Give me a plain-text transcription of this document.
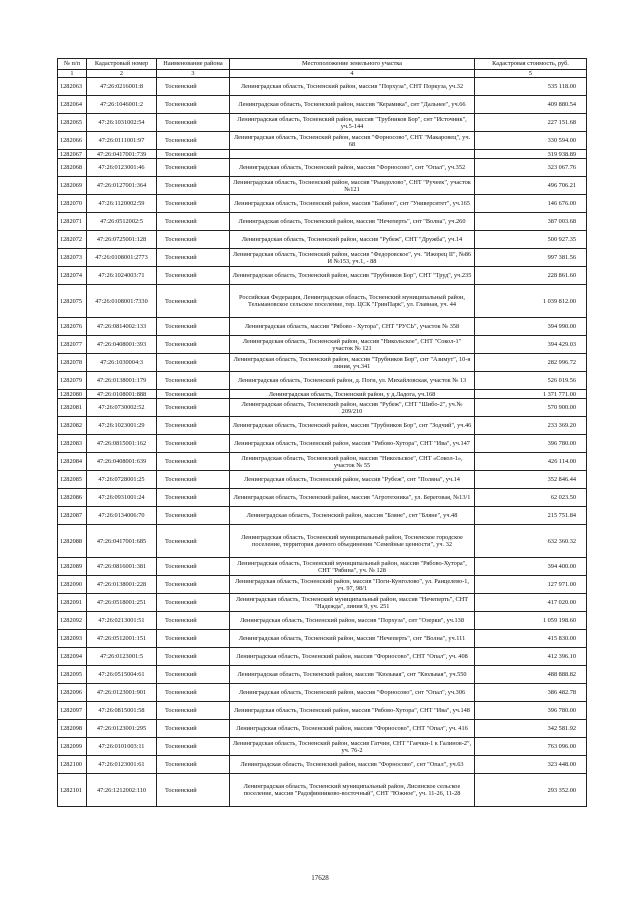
№ п/п	Кадастровый номер	Наименование района	Местоположение земельного участка	Кадастровая стоимость, руб.
1	2	3	4	5
1282063	47:26:0216001:8	Тосненский	Ленинградская область, Тосненский район, массив "Порхуза", СНТ Поркуза, уч.32	535 118.00
1282064	47:26:1046001:2	Тосненский	Ленинградская область, Тосненский район, массив "Керамика", снт "Дальнее", уч.66	409 880.54
1282065	47:26:1031002:54	Тосненский	Ленинградская область, Тосненский район, массив "Трубников Бор", снт "Источник", уч.5-144	227 151.68
1282066	47:26:0111001:97	Тосненский	Ленинградская область, Тосненский район, массив "Форносово", СНТ "Макаровец", уч. 68	330 594.00
1282067	47:26:0417001:739	Тосненский		319 938.89
1282068	47:26:0123001:46	Тосненский	Ленинградская область, Тосненский район, массив "Форносово", снт "Опал", уч.352	323 067.76
1282069	47:26:0127001:364	Тосненский	Ленинградская область, Тосненский район, массив "Рындолово", СНТ "Ручеек", участок №121	496 706.21
1282070	47:26:1120002:59	Тосненский	Ленинградская область, Тосненский район, массив "Бабино", снт "Университет", уч.165	146 676.00
1282071	47:26:0512002:5	Тосненский	Ленинградская область, Тосненский район, массив "Нечеперть", снт "Волна", уч.260	387 003.68
1282072	47:26:0725001:128	Тосненский	Ленинградская область, Тосненский район, массив "Рубеж", СНТ "Дружба", уч.14	500 927.35
1282073	47:26:0108001:2773	Тосненский	Ленинградская область, Тосненский район, массив "Федоровское", уч. "Ижорец II", №86 И №153, уч.1, - 88	997 381.56
1282074	47:26:1024003:71	Тосненский	Ленинградская область, Тосненский район, массив "Трубников Бор", СНТ "Труд", уч.235	228 861.60
1282075	47:26:0108001:7330	Тосненский	Российская Федерация, Ленинградская область, Тосненский муниципальный район, Тельмановское сельское поселение, тер. ЦСК "ГринПарк", ул. Главная, уч. 44	1 039 812.00
1282076	47:26:0814002:133	Тосненский	Ленинградская область, массив "Рябово - Хутора", СНТ "РУСЬ", участок № 358	394 990.00
1282077	47:26:0408001:393	Тосненский	Ленинградская область, Тосненский район, массив "Никольское", СНТ "Сокол-1" участок № 121	394 429.03
1282078	47:26:1030004:3	Тосненский	Ленинградская область, Тосненский район, массив "Трубников Бор", снт "Азимут", 10-я линия, уч.341	282 996.72
1282079	47:26:0138001:179	Тосненский	Ленинградская область, Тосненский район, д. Поги, ул. Михайловская, участок № 13	526 019.56
1282080	47:26:0108001:888	Тосненский	Ленинградская область, Тосненский район, у д.Ладога, уч.168	1 371 771.00
1282081	47:26:0730002:52	Тосненский	Ленинградская область, Тосненский район, массив "Рубеж", СНТ "Шибо-2", уч.№ 209/210	570 900.00
1282082	47:26:1023001:29	Тосненский	Ленинградская область, Тосненский район, массив "Трубников Бор", снт "Зодчий", уч.46	233 369.20
1282083	47:26:0815001:162	Тосненский	Ленинградская область, Тосненский район, массив "Рябово-Хутора", СНТ "Ива", уч.147	396 780.00
1282084	47:26:0408001:639	Тосненский	Ленинградская область, Тосненский район, массив "Никольское", СНТ «Сокол-1», участок № 55	426 114.00
1282085	47:26:0728001:25	Тосненский	Ленинградская область, Тосненский район, массив "Рубеж", снт "Поляна", уч.14	352 846.44
1282086	47:26:0931001:24	Тосненский	Ленинградская область, Тосненский район, массив "Агротехника", ул. Береговая, №13/1	62 023.50
1282087	47:26:0134006:70	Тосненский	Ленинградская область, Тосненский район, массив "Бляне", снт "Бляне", уч.48	215 751.84
1282088	47:26:0417001:685	Тосненский	Ленинградская область, Тосненский муниципальный район, Тосненское городское поселение, территория дачного объединения "Семейные ценности", уч. 32	632 360.32
1282089	47:26:0816001:381	Тосненский	Ленинградская область, Тосненский муниципальный район, массив "Рябово-Хутора", СНТ "Рябина", уч. № 128	394 400.00
1282090	47:26:0138001:228	Тосненский	Ленинградская область, Тосненский район, массив "Поги-Кунголово", ул. Раицелево-1, уч. 97, 98/1	127 971.00
1282091	47:26:0518001:251	Тосненский	Ленинградская область, Тосненский муниципальный район, массив "Нечеперть", СНТ "Надежда", линия 9, уч. 251	417 020.00
1282092	47:26:0213001:51	Тосненский	Ленинградская область, Тосненский район, массив "Порхуза", снт "Озерки", уч.138	1 059 198.60
1282093	47:26:0512001:151	Тосненский	Ленинградская область, Тосненский район, массив "Нечеперть", снт "Волна", уч.111	415 830.00
1282094	47:26:0123001:5	Тосненский	Ленинградская область, Тосненский район, массив "Форносово", СНТ "Опал", уч. 408	412 396.10
1282095	47:26:0515004:61	Тосненский	Ленинградская область, Тосненский район, массив "Кюльвая", снт "Кюльвая", уч.550	488 888.82
1282096	47:26:0123001:901	Тосненский	Ленинградская область, Тосненский район, массив "Форносово", снт "Опал", уч.306	386 482.78
1282097	47:26:0815001:58	Тосненский	Ленинградская область, Тосненский район, массив "Рябово-Хутора", СНТ "Ива", уч.148	396 780.00
1282098	47:26:0123001:295	Тосненский	Ленинградская область, Тосненский район, массив "Форносово", СНТ "Опал", уч. 416	342 581.92
1282099	47:26:0101003:11	Тосненский	Ленинградская область, Тосненский район, массив Гатчин, СНТ "Гаечки-1 к Галинов-2", уч. 76-2	763 096.00
1282100	47:26:0123001:61	Тосненский	Ленинградская область, Тосненский район, массив "Форносово", снт "Опал", уч.63	323 448.00
1282101	47:26:1212002:110	Тосненский	Ленинградская область, Тосненский муниципальный район, Лисинское сельское поселение, массив "Радофинниково-восточный", СНТ "Южное", уч. 11-26, 11-28	293 352.00
17628
